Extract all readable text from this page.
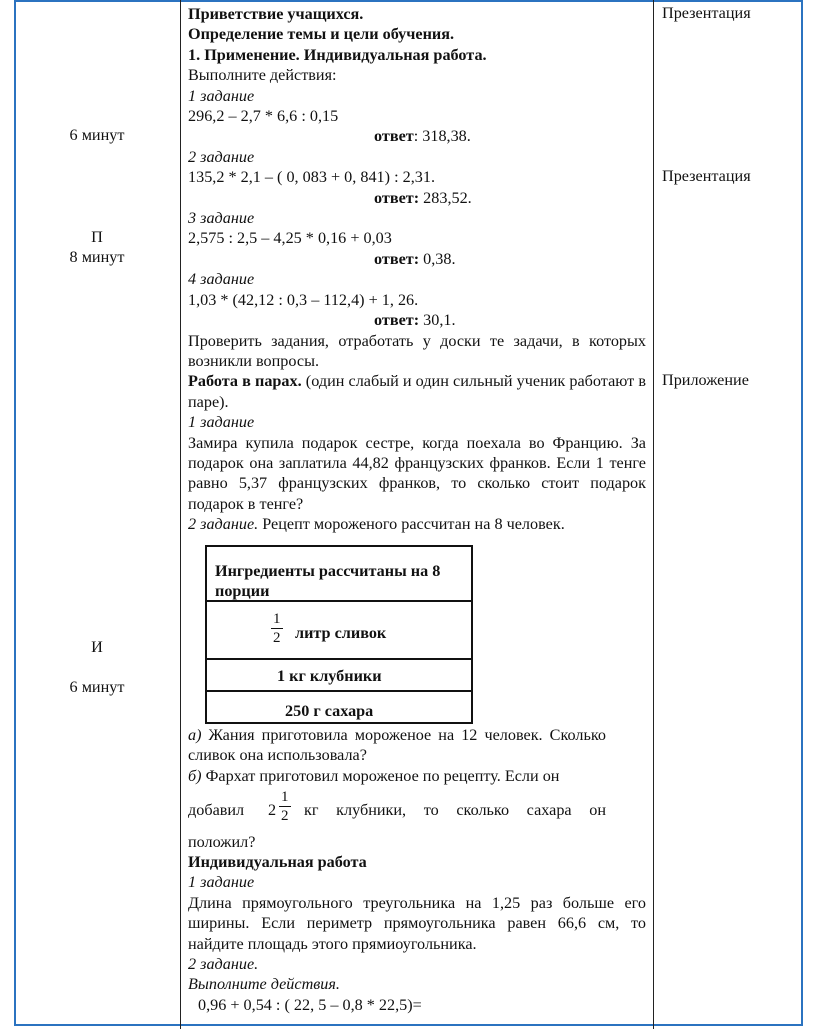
6 минут
П
8 минут
И
6 минут
Презентация
Презентация
Приложение

Приветствие учащихся.

Определение темы и цели обучения.

1. Применение. Индивидуальная работа.

Выполните действия:

1 задание

296,2 – 2,7 * 6,6 : 0,15

ответ: 318,38.

2 задание

135,2 * 2,1 – ( 0, 083 + 0, 841) : 2,31.

ответ: 283,52.

3 задание

2,575 : 2,5 – 4,25 * 0,16 + 0,03

ответ: 0,38.

4 задание

1,03 * (42,12 : 0,3 – 112,4) + 1, 26.

ответ: 30,1.

Проверить задания, отработать у доски те задачи, в которых возникли вопросы.

Работа в парах. (один слабый и один сильный ученик работают в паре).

1 задание

Замира купила подарок сестре, когда поехала во Францию. За подарок она заплатила 44,82 французских франков. Если 1 тенге равно 5,37 французских франков, то сколько стоит подарок подарок в тенге?

2 задание. Рецепт мороженого рассчитан на 8 человек.

Ингредиенты рассчитаны на 8 порции
$\frac{1}{2}$ литр сливок
1 кг клубники
250 г сахара

а) Жания приготовила мороженое на 12 человек. Сколько сливок она использовала?

б) Фархат приготовил мороженое по рецепту. Если он

добавил $2 \frac{1}{2}$ кг клубники, то сколько сахара он

положил?

Индивидуальная работа

1 задание

Длина прямоугольного треугольника на 1,25 раз больше его ширины. Если периметр прямоугольника равен 66,6 см, то найдите площадь этого прямиоугольника.

2 задание.

Выполните действия.

0,96 + 0,54 : ( 22, 5 – 0,8 * 22,5)=
